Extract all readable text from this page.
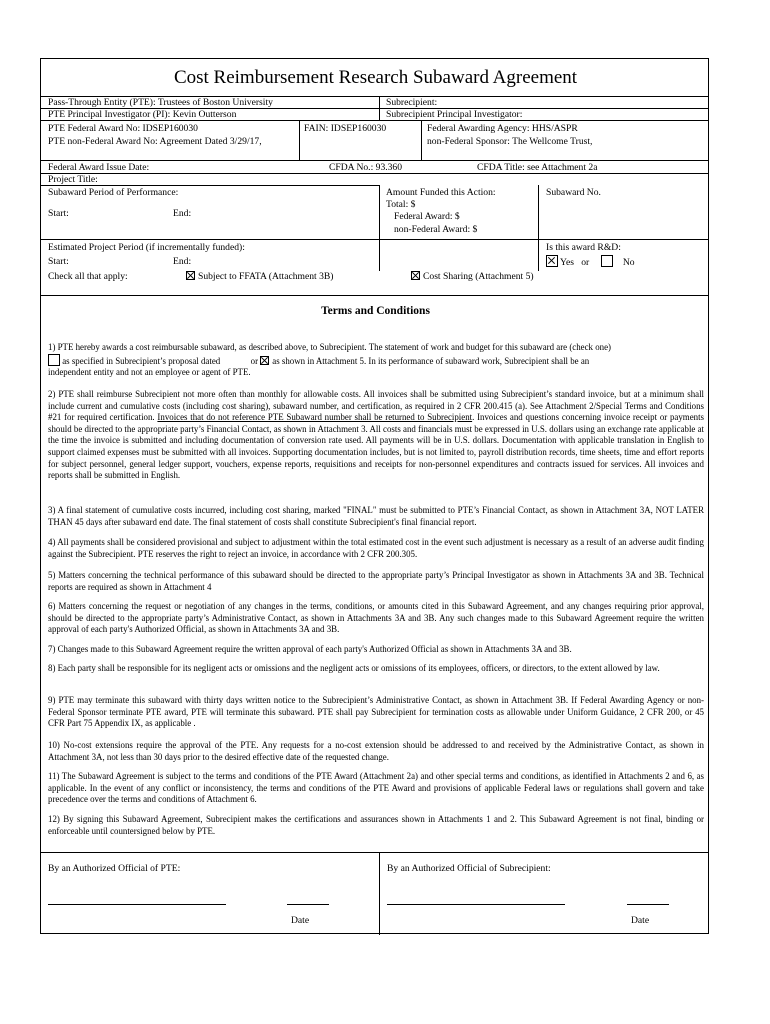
Cost Reimbursement Research Subaward Agreement
Pass-Through Entity (PTE): Trustees of Boston University	Subrecipient:
PTE Principal Investigator (PI): Kevin Outterson	Subrecipient Principal Investigator:
PTE Federal Award No: IDSEP160030	FAIN: IDSEP160030	Federal Awarding Agency: HHS/ASPR
PTE non-Federal Award No: Agreement Dated 3/29/17,	non-Federal Sponsor: The Wellcome Trust,
Federal Award Issue Date:	CFDA No.: 93.360	CFDA Title: see Attachment 2a
Project Title:
Subaward Period of Performance:
Start:	End:
Amount Funded this Action:
Total: $
Federal Award: $
non-Federal Award: $
Subaward No.
Estimated Project Period (if incrementally funded):
Start:	End:
Is this award R&D:
Yes or	No
Check all that apply:	Subject to FFATA (Attachment 3B)	Cost Sharing (Attachment 5)
Terms and Conditions

1) PTE hereby awards a cost reimbursable subaward, as described above, to Subrecipient. The statement of work and budget for this subaward are (check one)

as specified in Subrecipient’s proposal dated	or as shown in Attachment 5. In its performance of subaward work, Subrecipient shall be an

independent entity and not an employee or agent of PTE.

2) PTE shall reimburse Subrecipient not more often than monthly for allowable costs. All invoices shall be submitted using Subrecipient’s standard invoice, but at a minimum shall include current and cumulative costs (including cost sharing), subaward number, and certification, as required in 2 CFR 200.415 (a). See Attachment 2/Special Terms and Conditions #21 for required certification. Invoices that do not reference PTE Subaward number shall be returned to Subrecipient. Invoices and questions concerning invoice receipt or payments should be directed to the appropriate party’s Financial Contact, as shown in Attachment 3. All costs and financials must be expressed in U.S. dollars using an exchange rate applicable at the time the invoice is submitted and including documentation of conversion rate used. All payments will be in U.S. dollars. Documentation with applicable translation in English to support claimed expenses must be submitted with all invoices. Supporting documentation includes, but is not limited to, payroll distribution records, time sheets, time and effort reports for subject personnel, general ledger support, vouchers, expense reports, requisitions and receipts for non-personnel expenditures and contracts issued for services. All invoices and reports shall be submitted in English.

3) A final statement of cumulative costs incurred, including cost sharing, marked "FINAL" must be submitted to PTE’s Financial Contact, as shown in Attachment 3A, NOT LATER THAN 45 days after subaward end date. The final statement of costs shall constitute Subrecipient's final financial report.
4) All payments shall be considered provisional and subject to adjustment within the total estimated cost in the event such adjustment is necessary as a result of an adverse audit finding against the Subrecipient. PTE reserves the right to reject an invoice, in accordance with 2 CFR 200.305.
5) Matters concerning the technical performance of this subaward should be directed to the appropriate party’s Principal Investigator as shown in Attachments 3A and 3B. Technical reports are required as shown in Attachment 4
6) Matters concerning the request or negotiation of any changes in the terms, conditions, or amounts cited in this Subaward Agreement, and any changes requiring prior approval, should be directed to the appropriate party’s Administrative Contact, as shown in Attachments 3A and 3B. Any such changes made to this Subaward Agreement require the written approval of each party's Authorized Official, as shown in Attachments 3A and 3B.
7) Changes made to this Subaward Agreement require the written approval of each party's Authorized Official as shown in Attachments 3A and 3B.
8) Each party shall be responsible for its negligent acts or omissions and the negligent acts or omissions of its employees, officers, or directors, to the extent allowed by law.
9) PTE may terminate this subaward with thirty days written notice to the Subrecipient’s Administrative Contact, as shown in Attachment 3B. If Federal Awarding Agency or non-Federal Sponsor terminate PTE award, PTE will terminate this subaward. PTE shall pay Subrecipient for termination costs as allowable under Uniform Guidance, 2 CFR 200, or 45 CFR Part 75 Appendix IX, as applicable .
10) No-cost extensions require the approval of the PTE. Any requests for a no-cost extension should be addressed to and received by the Administrative Contact, as shown in Attachment 3A, not less than 30 days prior to the desired effective date of the requested change.
11) The Subaward Agreement is subject to the terms and conditions of the PTE Award (Attachment 2a) and other special terms and conditions, as identified in Attachments 2 and 6, as applicable. In the event of any conflict or inconsistency, the terms and conditions of the PTE Award and provisions of applicable Federal laws or regulations shall govern and take precedence over the terms and conditions of Attachment 6.
12) By signing this Subaward Agreement, Subrecipient makes the certifications and assurances shown in Attachments 1 and 2. This Subaward Agreement is not final, binding or enforceable until countersigned below by PTE.
By an Authorized Official of PTE:	By an Authorized Official of Subrecipient:
Date	Date
